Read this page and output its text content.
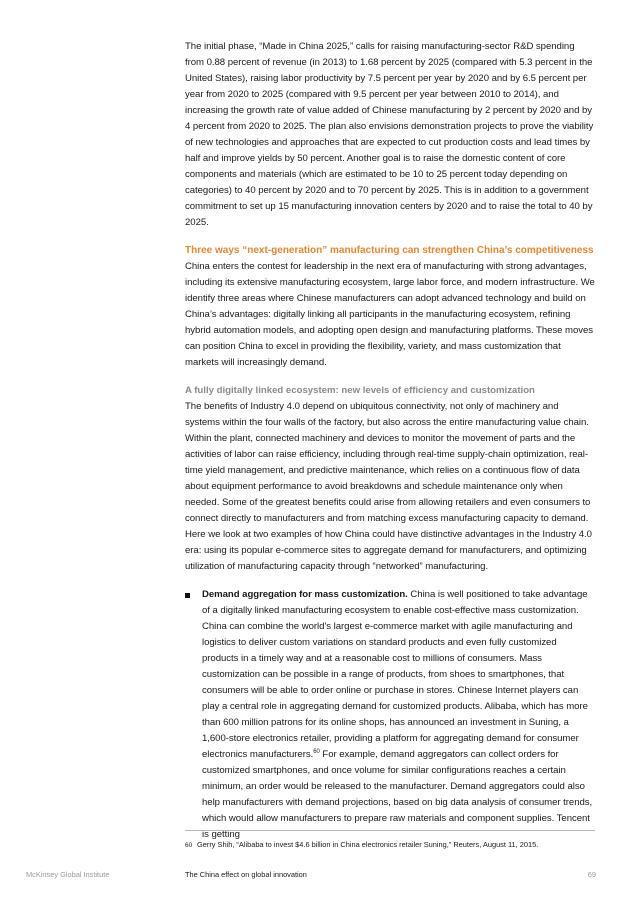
The initial phase, “Made in China 2025,” calls for raising manufacturing-sector R&D spending from 0.88 percent of revenue (in 2013) to 1.68 percent by 2025 (compared with 5.3 percent in the United States), raising labor productivity by 7.5 percent per year by 2020 and by 6.5 percent per year from 2020 to 2025 (compared with 9.5 percent per year between 2010 to 2014), and increasing the growth rate of value added of Chinese manufacturing by 2 percent by 2020 and by 4 percent from 2020 to 2025. The plan also envisions demonstration projects to prove the viability of new technologies and approaches that are expected to cut production costs and lead times by half and improve yields by 50 percent. Another goal is to raise the domestic content of core components and materials (which are estimated to be 10 to 25 percent today depending on categories) to 40 percent by 2020 and to 70 percent by 2025. This is in addition to a government commitment to set up 15 manufacturing innovation centers by 2020 and to raise the total to 40 by 2025.

Three ways “next-generation” manufacturing can strengthen China’s competitiveness

China enters the contest for leadership in the next era of manufacturing with strong advantages, including its extensive manufacturing ecosystem, large labor force, and modern infrastructure. We identify three areas where Chinese manufacturers can adopt advanced technology and build on China’s advantages: digitally linking all participants in the manufacturing ecosystem, refining hybrid automation models, and adopting open design and manufacturing platforms. These moves can position China to excel in providing the flexibility, variety, and mass customization that markets will increasingly demand.

A fully digitally linked ecosystem: new levels of efficiency and customization

The benefits of Industry 4.0 depend on ubiquitous connectivity, not only of machinery and systems within the four walls of the factory, but also across the entire manufacturing value chain. Within the plant, connected machinery and devices to monitor the movement of parts and the activities of labor can raise efficiency, including through real-time supply-chain optimization, real-time yield management, and predictive maintenance, which relies on a continuous flow of data about equipment performance to avoid breakdowns and schedule maintenance only when needed. Some of the greatest benefits could arise from allowing retailers and even consumers to connect directly to manufacturers and from matching excess manufacturing capacity to demand. Here we look at two examples of how China could have distinctive advantages in the Industry 4.0 era: using its popular e-commerce sites to aggregate demand for manufacturers, and optimizing utilization of manufacturing capacity through “networked” manufacturing.

Demand aggregation for mass customization. China is well positioned to take advantage of a digitally linked manufacturing ecosystem to enable cost-effective mass customization. China can combine the world’s largest e-commerce market with agile manufacturing and logistics to deliver custom variations on standard products and even fully customized products in a timely way and at a reasonable cost to millions of consumers. Mass customization can be possible in a range of products, from shoes to smartphones, that consumers will be able to order online or purchase in stores. Chinese Internet players can play a central role in aggregating demand for customized products. Alibaba, which has more than 600 million patrons for its online shops, has announced an investment in Suning, a 1,600-store electronics retailer, providing a platform for aggregating demand for consumer electronics manufacturers.$^{60}$ For example, demand aggregators can collect orders for customized smartphones, and once volume for similar configurations reaches a certain minimum, an order would be released to the manufacturer. Demand aggregators could also help manufacturers with demand projections, based on big data analysis of consumer trends, which would allow manufacturers to prepare raw materials and component supplies. Tencent is getting

60 Gerry Shih, “Alibaba to invest $4.6 billion in China electronics retailer Suning,” Reuters, August 11, 2015.
McKinsey Global Institute	The China effect on global innovation	69
